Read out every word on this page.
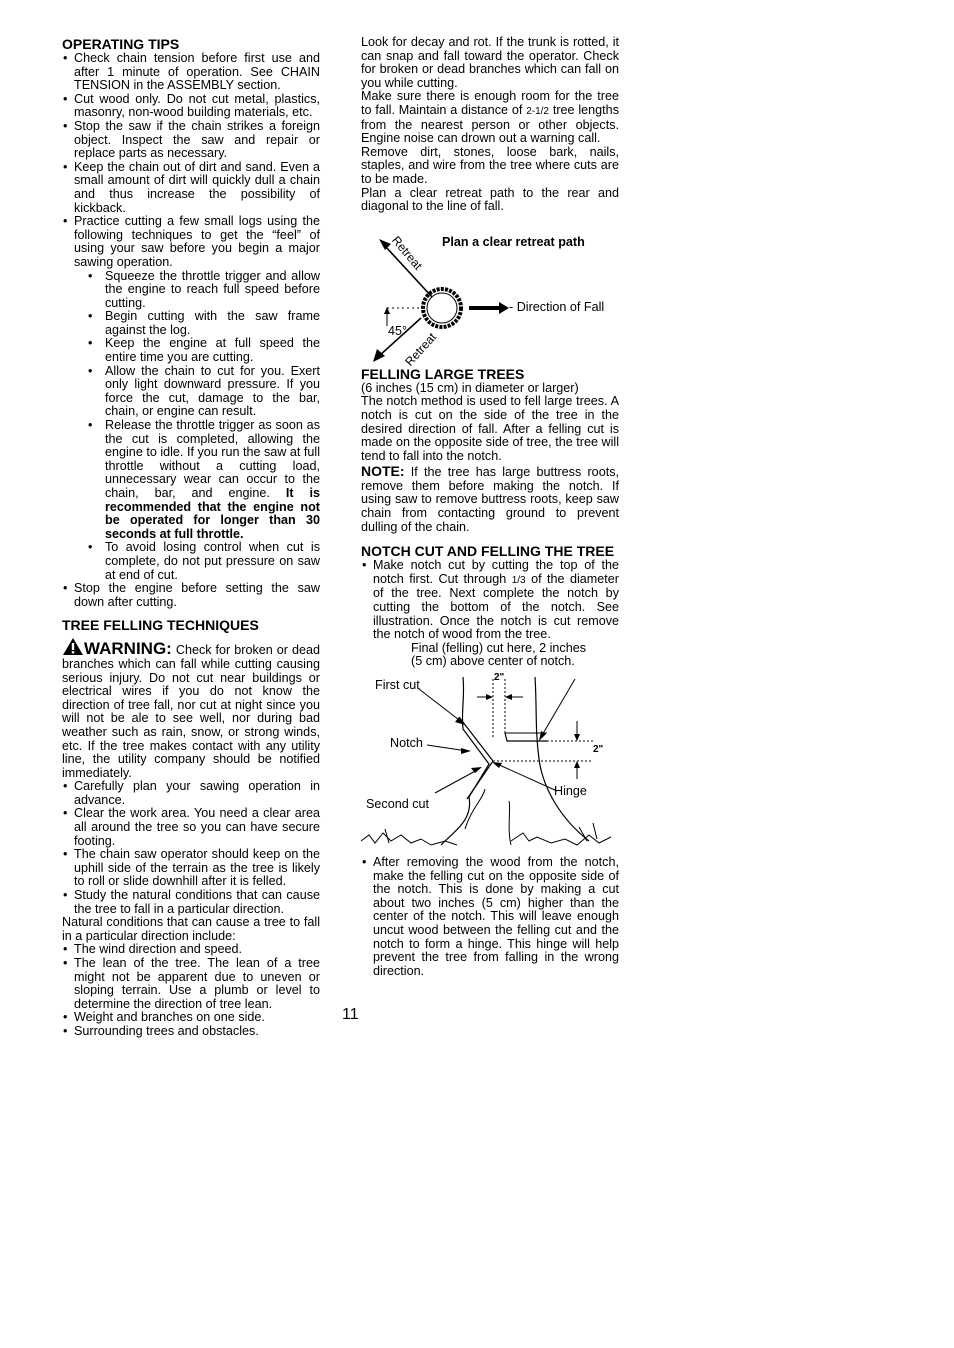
OPERATING TIPS
• Check chain tension before first use and after 1 minute of operation. See CHAIN TENSION in the ASSEMBLY section.
• Cut wood only. Do not cut metal, plastics, masonry, non-wood building materials, etc.
• Stop the saw if the chain strikes a foreign object. Inspect the saw and repair or replace parts as necessary.
• Keep the chain out of dirt and sand. Even a small amount of dirt will quickly dull a chain and thus increase the possibility of kickback.
• Practice cutting a few small logs using the following techniques to get the “feel” of using your saw before you begin a major sawing operation.
• Squeeze the throttle trigger and allow the engine to reach full speed before cutting.
• Begin cutting with the saw frame against the log.
• Keep the engine at full speed the entire time you are cutting.
• Allow the chain to cut for you. Exert only light downward pressure. If you force the cut, damage to the bar, chain, or engine can result.
• Release the throttle trigger as soon as the cut is completed, allowing the engine to idle. If you run the saw at full throttle without a cutting load, unnecessary wear can occur to the chain, bar, and engine. It is recommended that the engine not be operated for longer than 30 seconds at full throttle.
• To avoid losing control when cut is complete, do not put pressure on saw at end of cut.
• Stop the engine before setting the saw down after cutting.
TREE FELLING TECHNIQUES

WARNING: Check for broken or dead branches which can fall while cutting causing serious injury. Do not cut near buildings or electrical wires if you do not know the direction of tree fall, nor cut at night since you will not be ale to see well, nor during bad weather such as rain, snow, or strong winds, etc. If the tree makes contact with any utility line, the utility company should be notified immediately.

• Carefully plan your sawing operation in advance.
• Clear the work area. You need a clear area all around the tree so you can have secure footing.
• The chain saw operator should keep on the uphill side of the terrain as the tree is likely to roll or slide downhill after it is felled.
• Study the natural conditions that can cause the tree to fall in a particular direction.

Natural conditions that can cause a tree to fall in a particular direction include:

• The wind direction and speed.
• The lean of the tree. The lean of a tree might not be apparent due to uneven or sloping terrain. Use a plumb or level to determine the direction of tree lean.
• Weight and branches on one side.
• Surrounding trees and obstacles.

Look for decay and rot. If the trunk is rotted, it can snap and fall toward the operator. Check for broken or dead branches which can fall on you while cutting.

Make sure there is enough room for the tree to fall. Maintain a distance of 2-1/2 tree lengths from the nearest person or other objects. Engine noise can drown out a warning call.

Remove dirt, stones, loose bark, nails, staples, and wire from the tree where cuts are to be made.

Plan a clear retreat path to the rear and diagonal to the line of fall.

Plan a clear retreat path
Retreat
Retreat
- Direction of Fall
45°
FELLING LARGE TREES

(6 inches (15 cm) in diameter or larger)

The notch method is used to fell large trees. A notch is cut on the side of the tree in the desired direction of fall. After a felling cut is made on the opposite side of tree, the tree will tend to fall into the notch.

NOTE: If the tree has large buttress roots, remove them before making the notch. If using saw to remove buttress roots, keep saw chain from contacting ground to prevent dulling of the chain.

NOTCH CUT AND FELLING THE TREE
• Make notch cut by cutting the top of the notch first. Cut through 1/3 of the diameter of the tree. Next complete the notch by cutting the bottom of the notch. See illustration. Once the notch is cut remove the notch of wood from the tree.

Final (felling) cut here, 2 inches

(5 cm) above center of notch.

First cut
Notch
Second cut
Hinge
2"
2"
• After removing the wood from the notch, make the felling cut on the opposite side of the notch. This is done by making a cut about two inches (5 cm) higher than the center of the notch. This will leave enough uncut wood between the felling cut and the notch to form a hinge. This hinge will help prevent the tree from falling in the wrong direction.
11
